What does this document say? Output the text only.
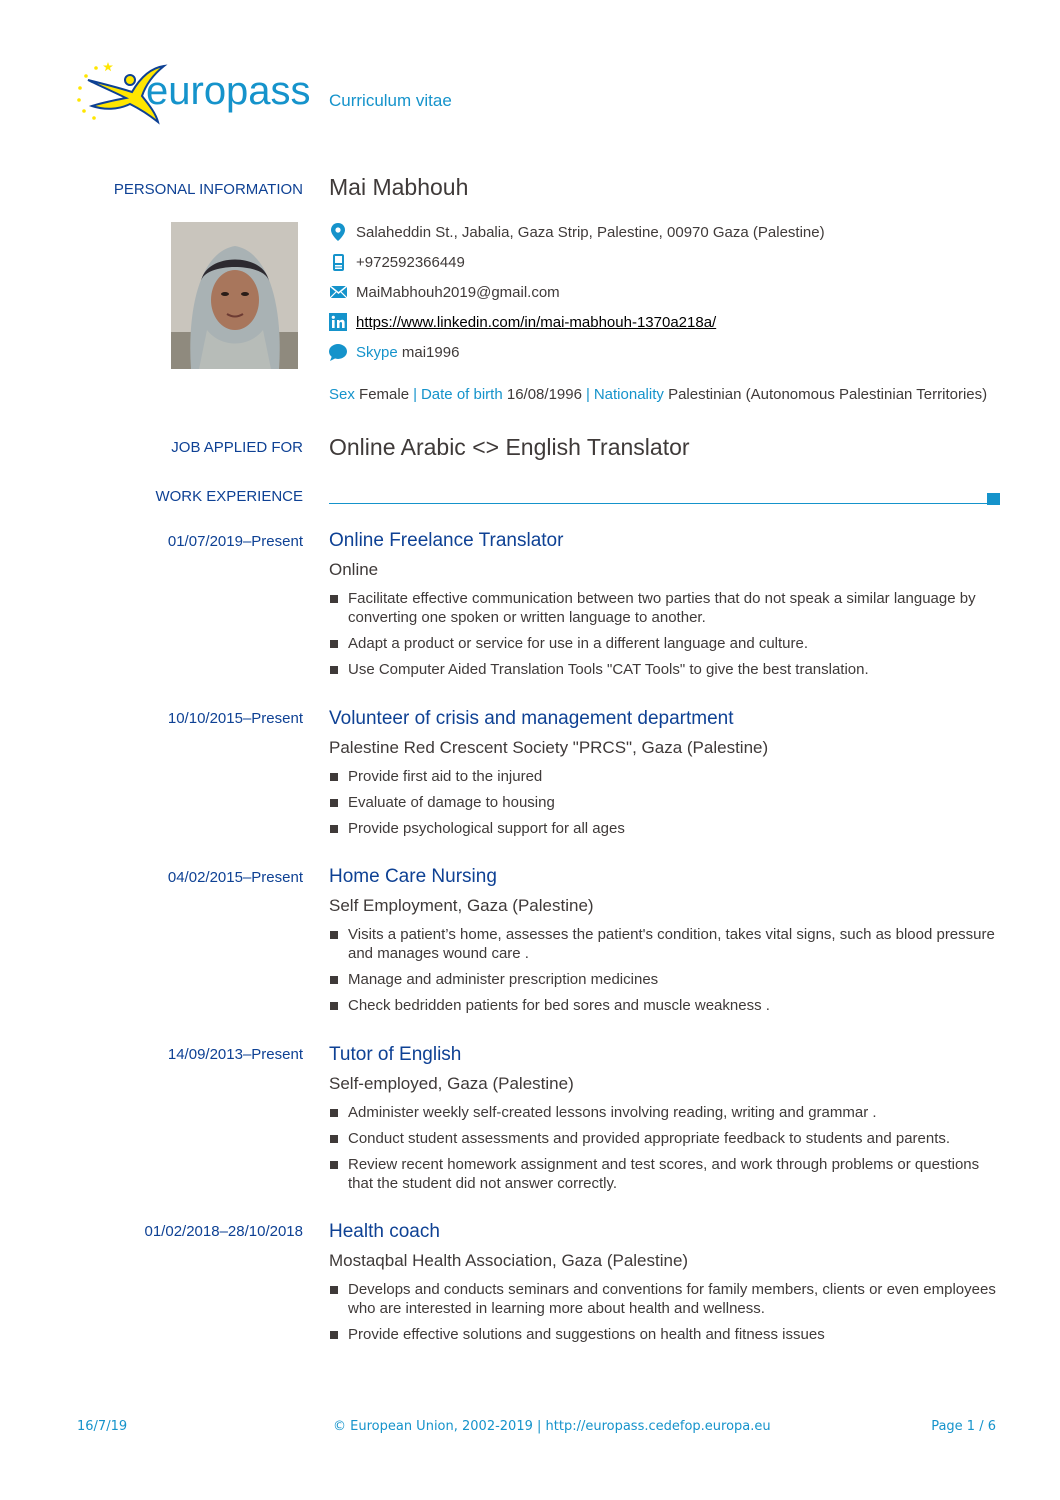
europass Curriculum vitae
PERSONAL INFORMATION Mai Mabhouh
Salaheddin St., Jabalia, Gaza Strip, Palestine, 00970 Gaza (Palestine)
+972592366449
MaiMabhouh2019@gmail.com
https://www.linkedin.com/in/mai-mabhouh-1370a218a/
Skype
mai1996
Sex Female | Date of birth 16/08/1996 | Nationality Palestinian (Autonomous Palestinian Territories)
JOB APPLIED FOR Online Arabic <> English Translator
WORK EXPERIENCE
01/07/2019–Present Online Freelance Translator
Online
Facilitate effective communication between two parties that do not speak a similar language by converting one spoken or written language to another.
Adapt a product or service for use in a different language and culture.
Use Computer Aided Translation Tools "CAT Tools" to give the best translation.
10/10/2015–Present Volunteer of crisis and management department
Palestine Red Crescent Society "PRCS", Gaza (Palestine)
Provide first aid to the injured
Evaluate of damage to housing
Provide psychological support for all ages
04/02/2015–Present Home Care Nursing
Self Employment, Gaza (Palestine)
Visits a patient’s home, assesses the patient's condition, takes vital signs, such as blood pressure and manages wound care .
Manage and administer prescription medicines
Check bedridden patients for bed sores and muscle weakness .
14/09/2013–Present Tutor of English
Self-employed, Gaza (Palestine)
Administer weekly self-created lessons involving reading, writing and grammar .
Conduct student assessments and provided appropriate feedback to students and parents.
Review recent homework assignment and test scores, and work through problems or questions that the student did not answer correctly.
01/02/2018–28/10/2018 Health coach
Mostaqbal Health Association, Gaza (Palestine)
Develops and conducts seminars and conventions for family members, clients or even employees who are interested in learning more about health and wellness.
Provide effective solutions and suggestions on health and fitness issues
16/7/19	© European Union, 2002-2019 | http://europass.cedefop.europa.eu	Page 1 / 6
